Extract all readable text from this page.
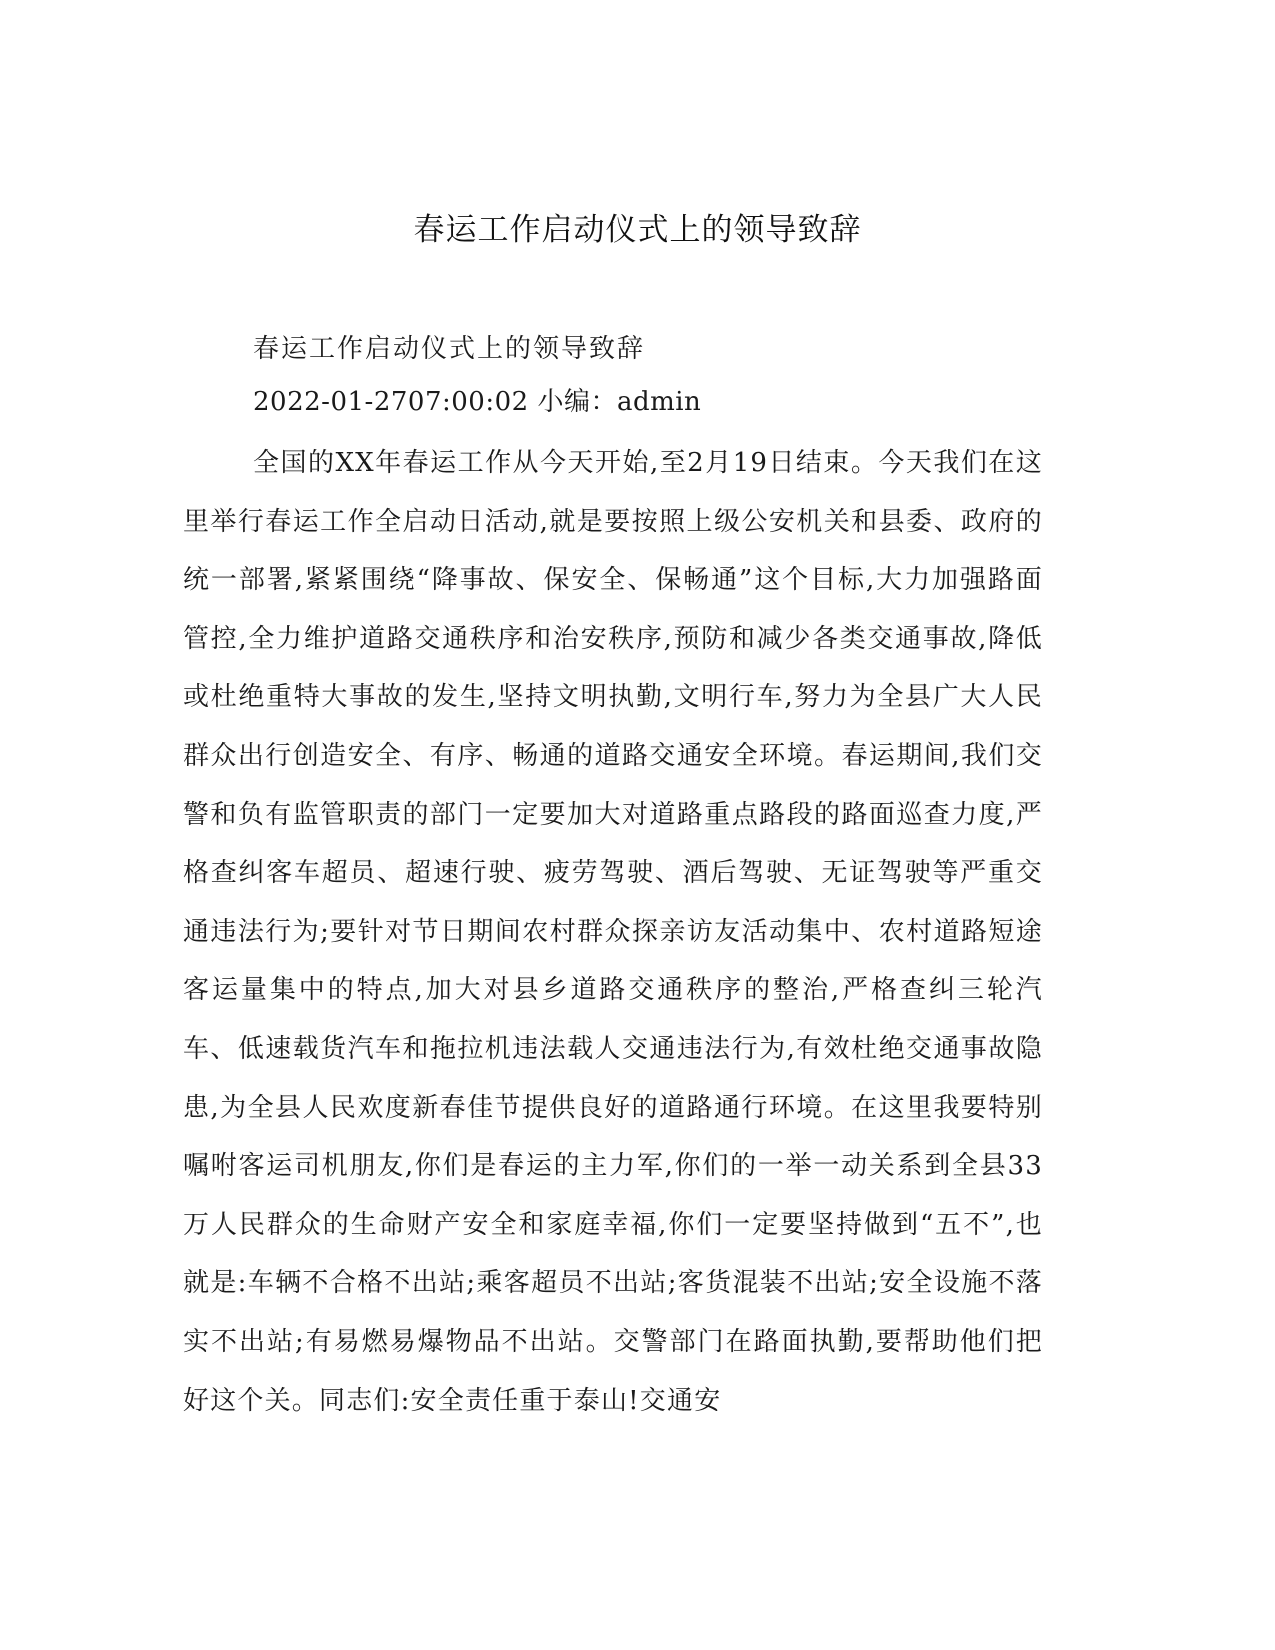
春运工作启动仪式上的领导致辞
春运工作启动仪式上的领导致辞
2022-01-2707:00:02 小编：admin
全国的XX年春运工作从今天开始,至2月19日结束。今天我们在这里举行春运工作全启动日活动,就是要按照上级公安机关和县委、政府的统一部署,紧紧围绕“降事故、保安全、保畅通”这个目标,大力加强路面管控,全力维护道路交通秩序和治安秩序,预防和减少各类交通事故,降低或杜绝重特大事故的发生,坚持文明执勤,文明行车,努力为全县广大人民群众出行创造安全、有序、畅通的道路交通安全环境。春运期间,我们交警和负有监管职责的部门一定要加大对道路重点路段的路面巡查力度,严格查纠客车超员、超速行驶、疲劳驾驶、酒后驾驶、无证驾驶等严重交通违法行为;要针对节日期间农村群众探亲访友活动集中、农村道路短途客运量集中的特点,加大对县乡道路交通秩序的整治,严格查纠三轮汽车、低速载货汽车和拖拉机违法载人交通违法行为,有效杜绝交通事故隐患,为全县人民欢度新春佳节提供良好的道路通行环境。在这里我要特别嘱咐客运司机朋友,你们是春运的主力军,你们的一举一动关系到全县33万人民群众的生命财产安全和家庭幸福,你们一定要坚持做到“五不”,也就是:车辆不合格不出站;乘客超员不出站;客货混装不出站;安全设施不落实不出站;有易燃易爆物品不出站。交警部门在路面执勤,要帮助他们把好这个关。同志们:安全责任重于泰山!交通安
